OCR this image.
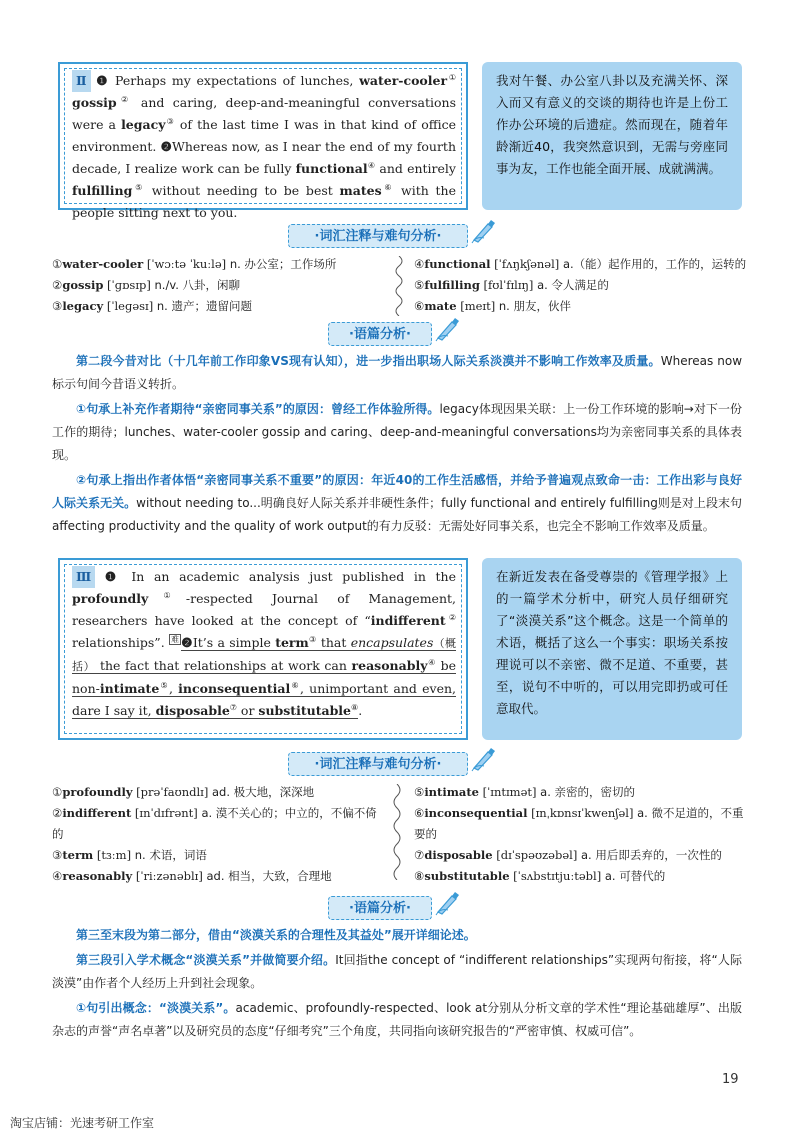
Ⅱ ❶ Perhaps my expectations of lunches, water-cooler① gossip② and caring, deep-and-meaningful conversations were a legacy③ of the last time I was in that kind of office environment. ❷Whereas now, as I near the end of my fourth decade, I realize work can be fully functional④ and entirely fulfilling⑤ without needing to be best mates⑥ with the people sitting next to you.

我对午餐、办公室八卦以及充满关怀、深入而又有意义的交谈的期待也许是上份工作办公环境的后遗症。然而现在，随着年龄渐近40，我突然意识到，无需与旁座同事为友，工作也能全面开展、成就满满。
·词汇注释与难句分析·
①water-cooler [ˈwɔːtə ˈkuːlə] n. 办公室；工作场所
②gossip [ˈɡɒsɪp] n./v. 八卦，闲聊
③legacy [ˈleɡəsɪ] n. 遗产；遗留问题
④functional [ˈfʌŋkʃənəl] a.（能）起作用的，工作的，运转的
⑤fulfilling [fʊlˈfɪlɪŋ] a. 令人满足的
⑥mate [meɪt] n. 朋友，伙伴
·语篇分析·

第二段今昔对比（十几年前工作印象VS现有认知），进一步指出职场人际关系淡漠并不影响工作效率及质量。Whereas now标示句间今昔语义转折。

①句承上补充作者期待“亲密同事关系”的原因：曾经工作体验所得。legacy体现因果关联：上一份工作环境的影响→对下一份工作的期待；lunches、water-cooler gossip and caring、deep-and-meaningful conversations均为亲密同事关系的具体表现。

②句承上指出作者体悟“亲密同事关系不重要”的原因：年近40的工作生活感悟，并给予普遍观点致命一击：工作出彩与良好人际关系无关。without needing to...明确良好人际关系并非硬性条件；fully functional and entirely fulfilling则是对上段末句affecting productivity and the quality of work output的有力反驳：无需处好同事关系，也完全不影响工作效率及质量。

Ⅲ ❶ In an academic analysis just published in the profoundly①-respected Journal of Management, researchers have looked at the concept of “indifferent② relationships”. $^难$ ❷It’s a simple term③ that encapsulates（概括） the fact that relationships at work can reasonably④ be non-intimate⑤, inconsequential⑥, unimportant and even, dare I say it, disposable⑦ or substitutable⑧.

在新近发表在备受尊崇的《管理学报》上的一篇学术分析中，研究人员仔细研究了“淡漠关系”这个概念。这是一个简单的术语，概括了这么一个事实：职场关系按理说可以不亲密、微不足道、不重要，甚至，说句不中听的，可以用完即扔或可任意取代。
·词汇注释与难句分析·
①profoundly [prəˈfaʊndlɪ] ad. 极大地，深深地
②indifferent [ɪnˈdɪfrənt] a. 漠不关心的；中立的，不偏不倚的
③term [tɜːm] n. 术语，词语
④reasonably [ˈriːzənəblɪ] ad. 相当，大致，合理地
⑤intimate [ˈɪntɪmət] a. 亲密的，密切的
⑥inconsequential [ɪnˌkɒnsɪˈkwenʃəl] a. 微不足道的，不重要的
⑦disposable [dɪˈspəʊzəbəl] a. 用后即丢弃的，一次性的
⑧substitutable [ˈsʌbstɪtjuːtəbl] a. 可替代的
·语篇分析·

第三至末段为第二部分，借由“淡漠关系的合理性及其益处”展开详细论述。

第三段引入学术概念“淡漠关系”并做简要介绍。It回指the concept of “indifferent relationships”实现两句衔接，将“人际淡漠”由作者个人经历上升到社会现象。

①句引出概念：“淡漠关系”。academic、profoundly-respected、look at分别从分析文章的学术性“理论基础雄厚”、出版杂志的声誉“声名卓著”以及研究员的态度“仔细考究”三个角度，共同指向该研究报告的“严密审慎、权威可信”。

19
淘宝店铺：光速考研工作室
